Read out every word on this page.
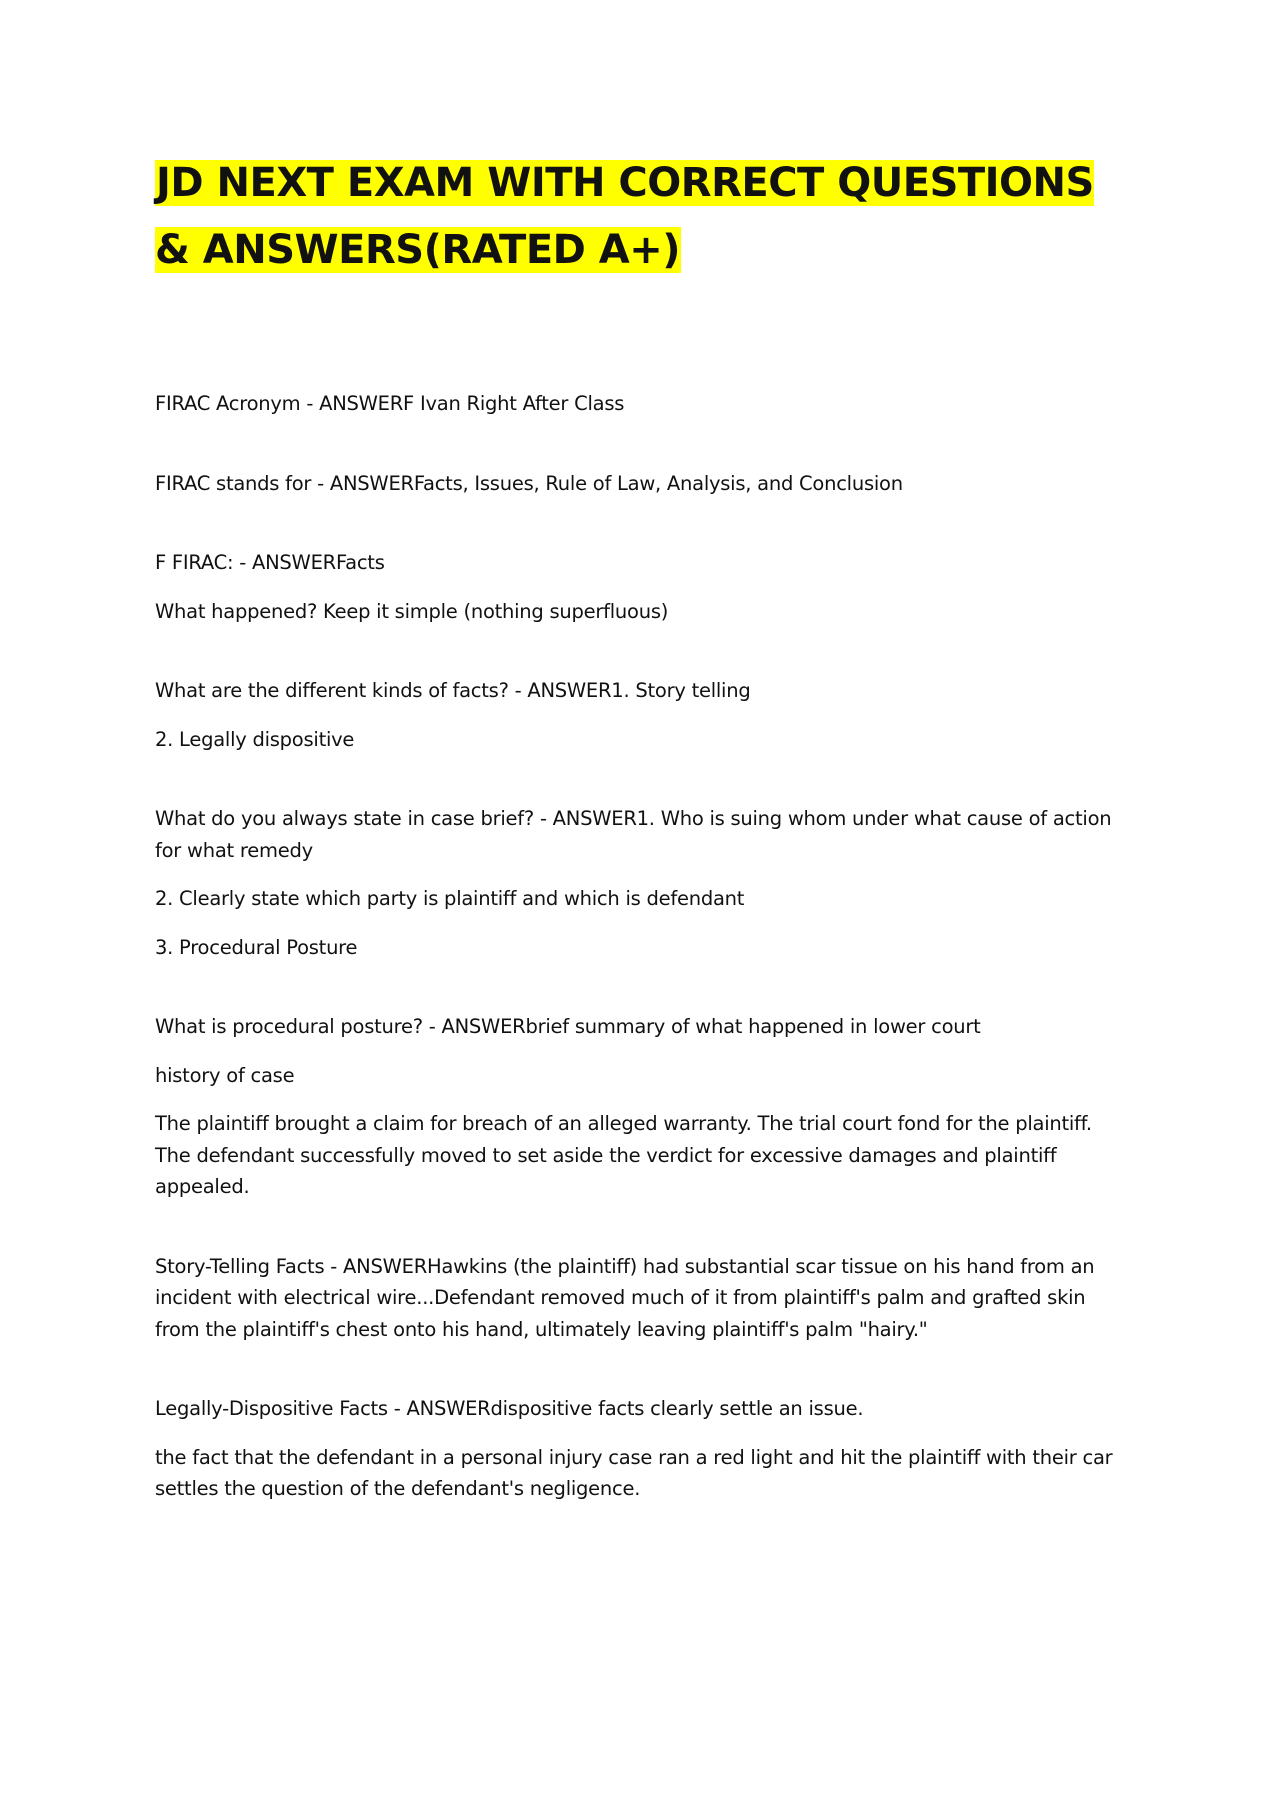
JD NEXT EXAM WITH CORRECT QUESTIONS & ANSWERS(RATED A+)

FIRAC Acronym - ANSWERF Ivan Right After Class

FIRAC stands for - ANSWERFacts, Issues, Rule of Law, Analysis, and Conclusion

F FIRAC: - ANSWERFacts

What happened? Keep it simple (nothing superfluous)

What are the different kinds of facts? - ANSWER1. Story telling

2. Legally dispositive

What do you always state in case brief? - ANSWER1. Who is suing whom under what cause of action for what remedy

2. Clearly state which party is plaintiff and which is defendant

3. Procedural Posture

What is procedural posture? - ANSWERbrief summary of what happened in lower court

history of case

The plaintiff brought a claim for breach of an alleged warranty. The trial court fond for the plaintiff. The defendant successfully moved to set aside the verdict for excessive damages and plaintiff appealed.

Story-Telling Facts - ANSWERHawkins (the plaintiff) had substantial scar tissue on his hand from an incident with electrical wire...Defendant removed much of it from plaintiff's palm and grafted skin from the plaintiff's chest onto his hand, ultimately leaving plaintiff's palm "hairy."

Legally-Dispositive Facts - ANSWERdispositive facts clearly settle an issue.

the fact that the defendant in a personal injury case ran a red light and hit the plaintiff with their car settles the question of the defendant's negligence.
